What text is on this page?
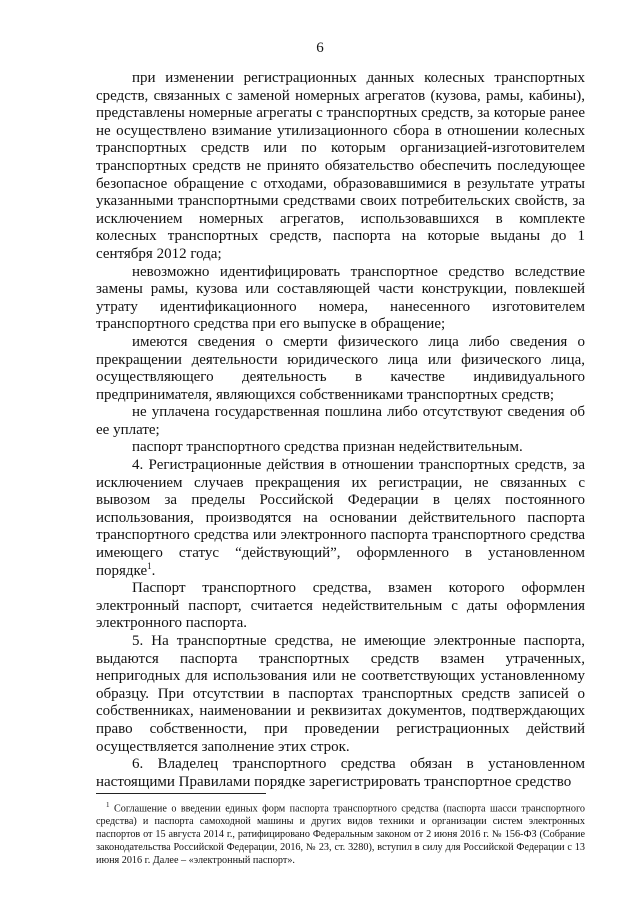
6

при изменении регистрационных данных колесных транспортных средств, связанных с заменой номерных агрегатов (кузова, рамы, кабины), представлены номерные агрегаты с транспортных средств, за которые ранее не осуществлено взимание утилизационного сбора в отношении колесных транспортных средств или по которым организацией-изготовителем транспортных средств не принято обязательство обеспечить последующее безопасное обращение с отходами, образовавшимися в результате утраты указанными транспортными средствами своих потребительских свойств, за исключением номерных агрегатов, использовавшихся в комплекте колесных транспортных средств, паспорта на которые выданы до 1 сентября 2012 года;

невозможно идентифицировать транспортное средство вследствие замены рамы, кузова или составляющей части конструкции, повлекшей утрату идентификационного номера, нанесенного изготовителем транспортного средства при его выпуске в обращение;

имеются сведения о смерти физического лица либо сведения о прекращении деятельности юридического лица или физического лица, осуществляющего деятельность в качестве индивидуального предпринимателя, являющихся собственниками транспортных средств;

не уплачена государственная пошлина либо отсутствуют сведения об ее уплате;

паспорт транспортного средства признан недействительным.

4. Регистрационные действия в отношении транспортных средств, за исключением случаев прекращения их регистрации, не связанных с вывозом за пределы Российской Федерации в целях постоянного использования, производятся на основании действительного паспорта транспортного средства или электронного паспорта транспортного средства имеющего статус “действующий”, оформленного в установленном порядке$^1$.

Паспорт транспортного средства, взамен которого оформлен электронный паспорт, считается недействительным с даты оформления электронного паспорта.

5. На транспортные средства, не имеющие электронные паспорта, выдаются паспорта транспортных средств взамен утраченных, непригодных для использования или не соответствующих установленному образцу. При отсутствии в паспортах транспортных средств записей о собственниках, наименовании и реквизитах документов, подтверждающих право собственности, при проведении регистрационных действий осуществляется заполнение этих строк.

6. Владелец транспортного средства обязан в установленном настоящими Правилами порядке зарегистрировать транспортное средство

$^1$ Соглашение о введении единых форм паспорта транспортного средства (паспорта шасси транспортного средства) и паспорта самоходной машины и других видов техники и организации систем электронных паспортов от 15 августа 2014 г., ратифицировано Федеральным законом от 2 июня 2016 г. № 156-ФЗ (Собрание законодательства Российской Федерации, 2016, № 23, ст. 3280), вступил в силу для Российской Федерации с 13 июня 2016 г. Далее – «электронный паспорт».
